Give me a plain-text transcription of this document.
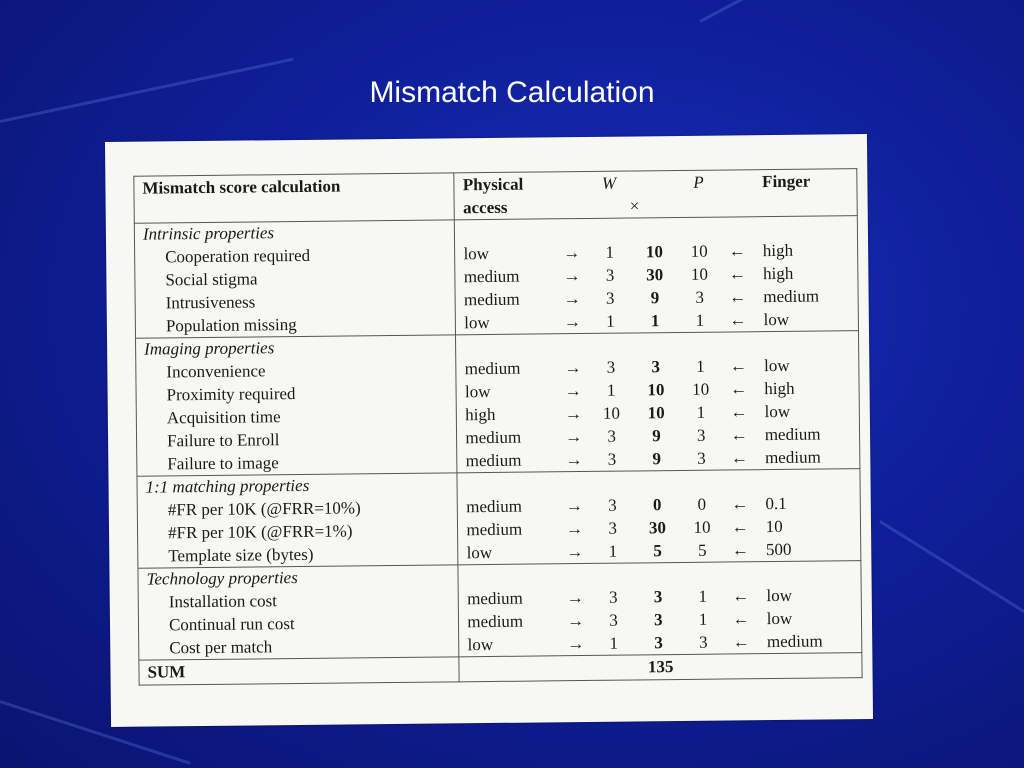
Mismatch Calculation
Mismatch score calculation	Physical access		W	×	P		Finger
Intrinsic properties							
Cooperation required	low	→	1	10	10	←	high
Social stigma	medium	→	3	30	10	←	high
Intrusiveness	medium	→	3	9	3	←	medium
Population missing	low	→	1	1	1	←	low
Imaging properties							
Inconvenience	medium	→	3	3	1	←	low
Proximity required	low	→	1	10	10	←	high
Acquisition time	high	→	10	10	1	←	low
Failure to Enroll	medium	→	3	9	3	←	medium
Failure to image	medium	→	3	9	3	←	medium
1:1 matching properties							
#FR per 10K (@FRR=10%)	medium	→	3	0	0	←	0.1
#FR per 10K (@FRR=1%)	medium	→	3	30	10	←	10
Template size (bytes)	low	→	1	5	5	←	500
Technology properties							
Installation cost	medium	→	3	3	1	←	low
Continual run cost	medium	→	3	3	1	←	low
Cost per match	low	→	1	3	3	←	medium
SUM	135						
